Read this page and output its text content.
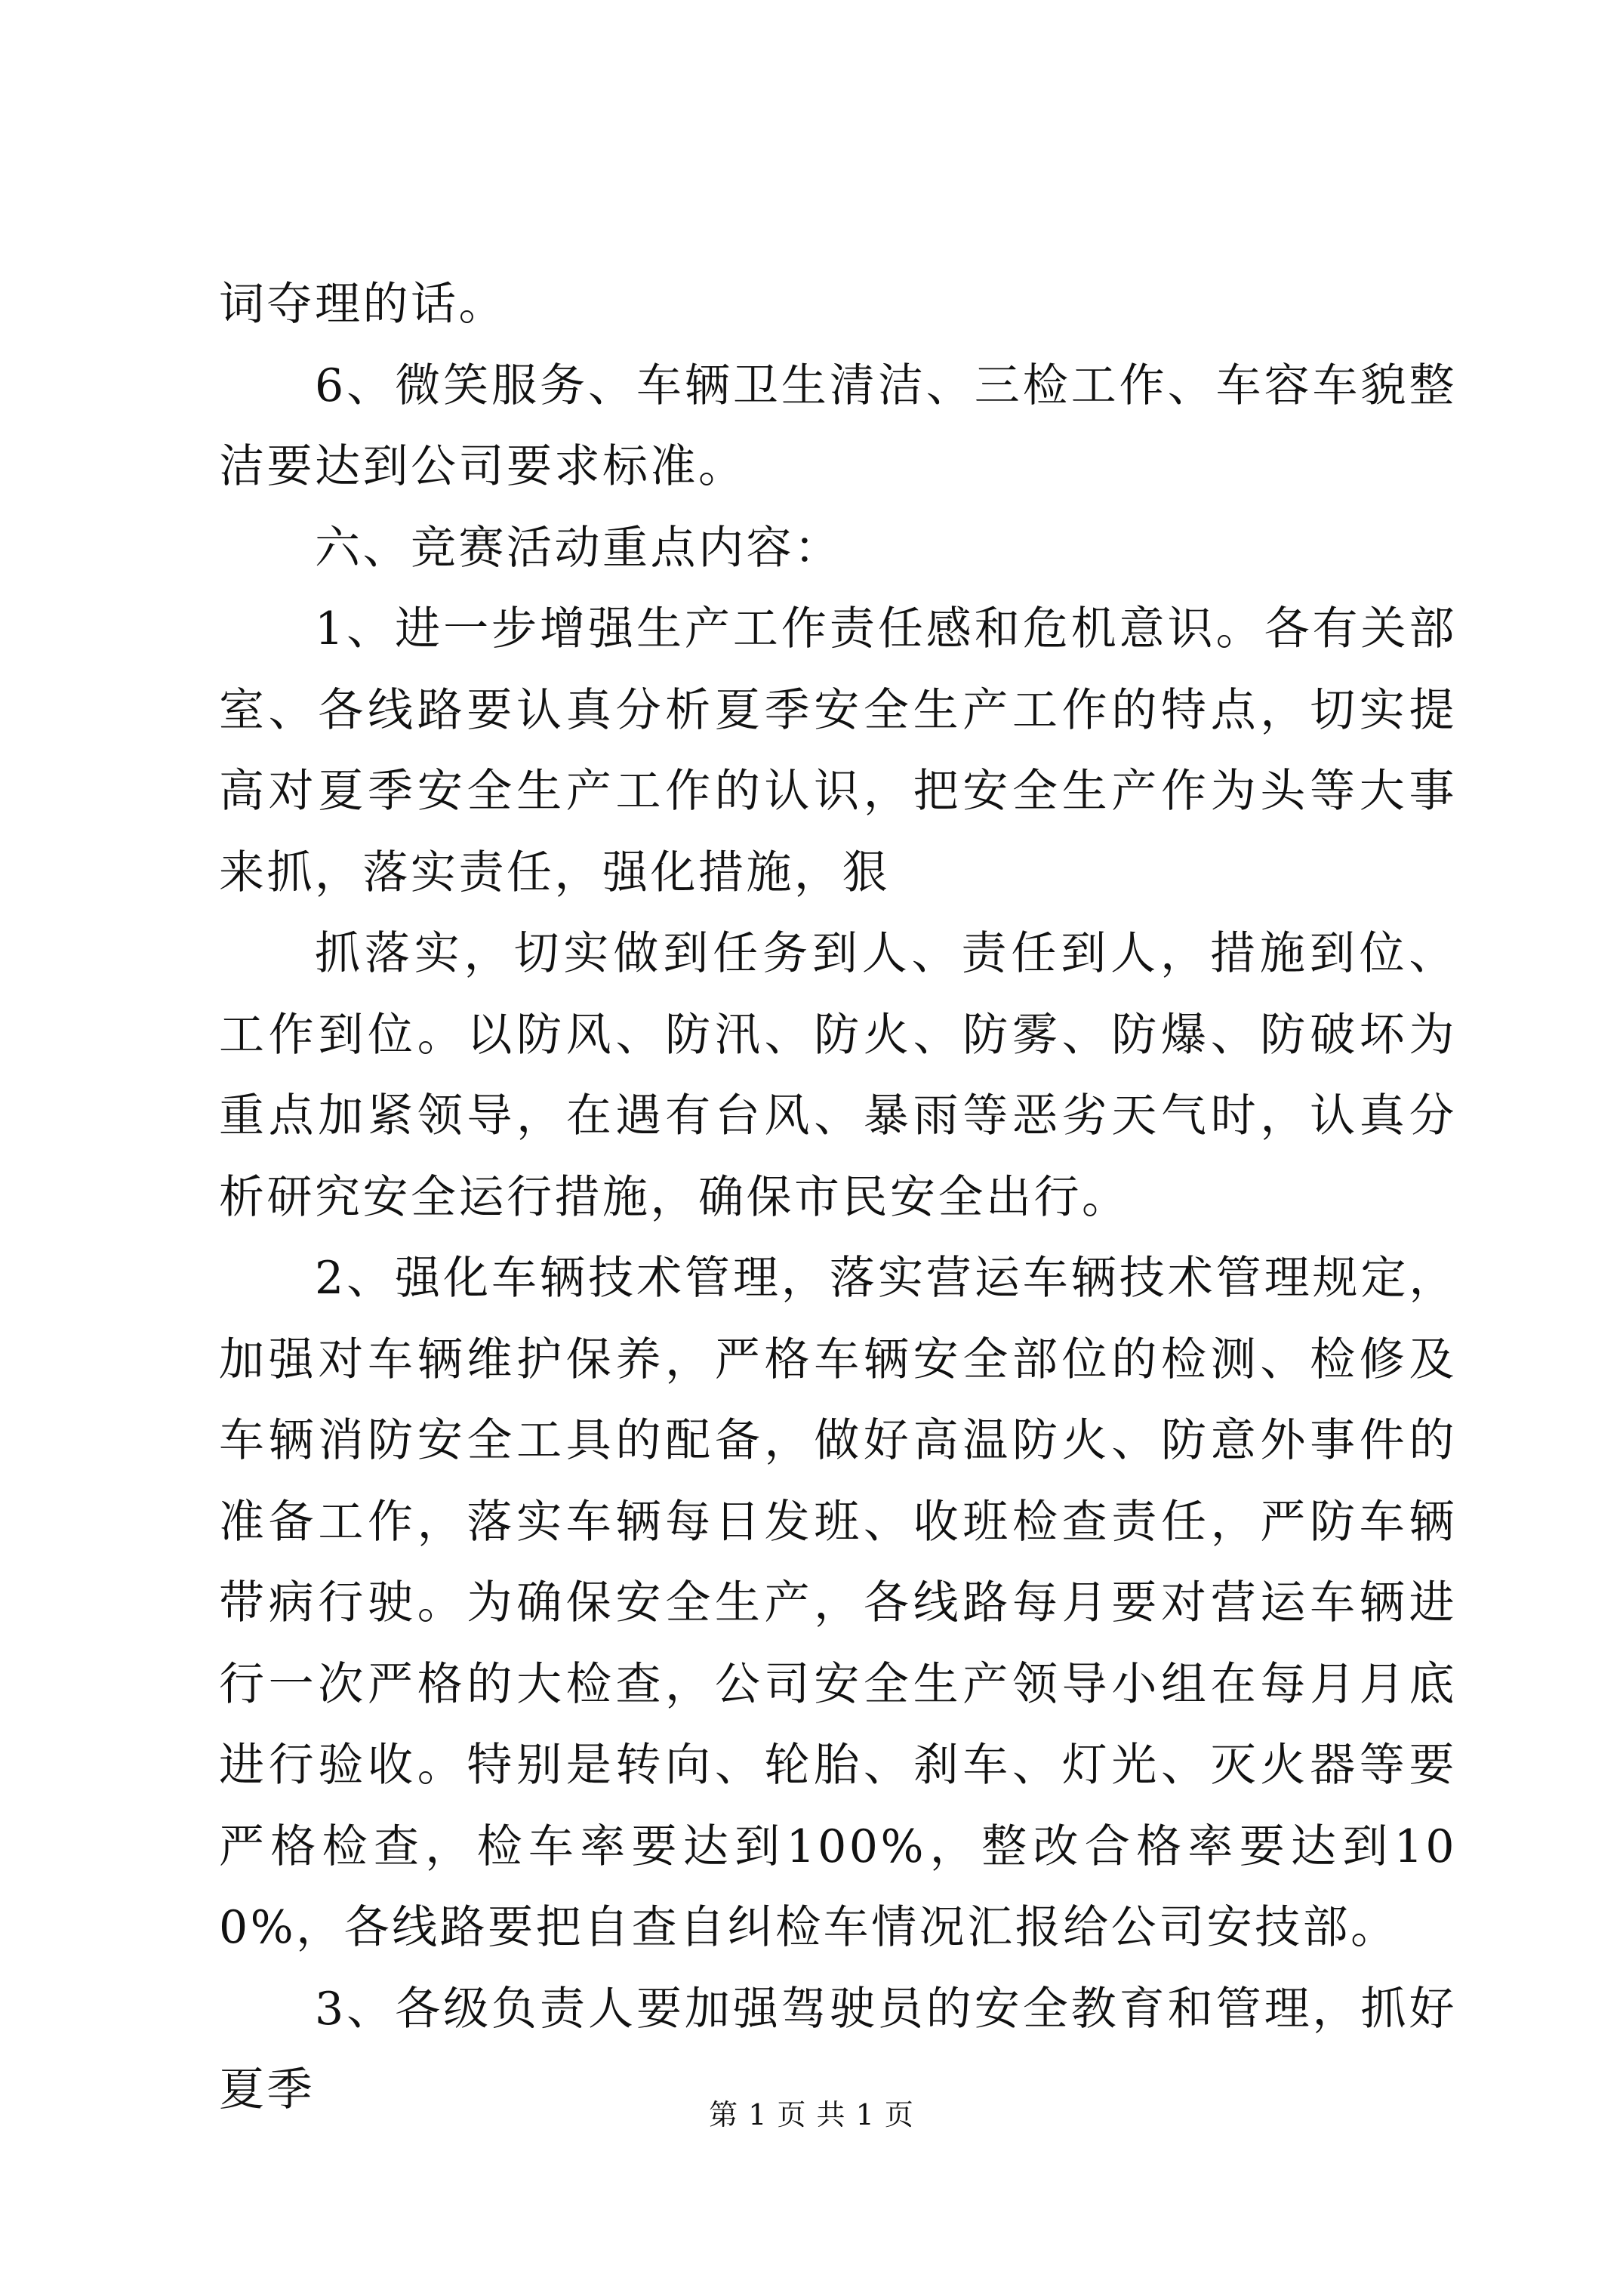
词夺理的话。

6、微笑服务、车辆卫生清洁、三检工作、车容车貌整洁要达到公司要求标准。

六、竞赛活动重点内容：

1、进一步增强生产工作责任感和危机意识。各有关部室、各线路要认真分析夏季安全生产工作的特点，切实提高对夏季安全生产工作的认识，把安全生产作为头等大事来抓，落实责任，强化措施，狠

抓落实，切实做到任务到人、责任到人，措施到位、工作到位。以防风、防汛、防火、防雾、防爆、防破坏为重点加紧领导，在遇有台风、暴雨等恶劣天气时，认真分析研究安全运行措施，确保市民安全出行。

2、强化车辆技术管理，落实营运车辆技术管理规定，加强对车辆维护保养，严格车辆安全部位的检测、检修及车辆消防安全工具的配备，做好高温防火、防意外事件的准备工作，落实车辆每日发班、收班检查责任，严防车辆带病行驶。为确保安全生产，各线路每月要对营运车辆进行一次严格的大检查，公司安全生产领导小组在每月月底进行验收。特别是转向、轮胎、刹车、灯光、灭火器等要严格检查，检车率要达到100%，整改合格率要达到100%，各线路要把自查自纠检车情况汇报给公司安技部。

3、各级负责人要加强驾驶员的安全教育和管理，抓好夏季	第 1 页 共 1 页
